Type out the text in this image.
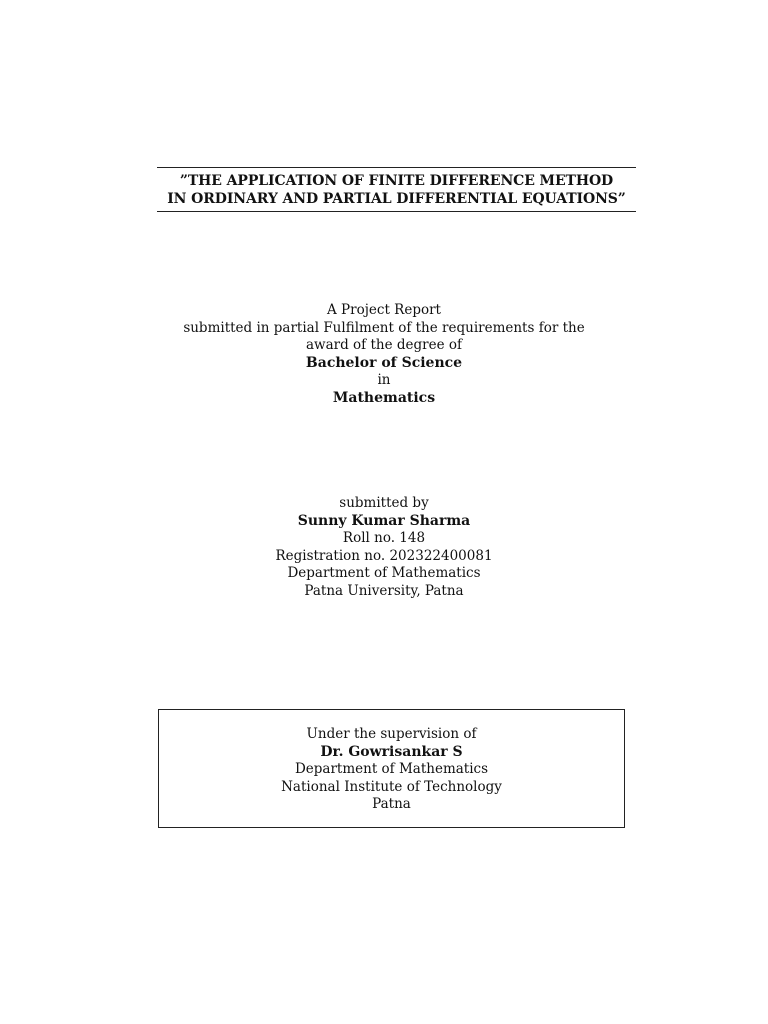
”THE APPLICATION OF FINITE DIFFERENCE METHOD
IN ORDINARY AND PARTIAL DIFFERENTIAL EQUATIONS”
A Project Report
submitted in partial Fulfilment of the requirements for the
award of the degree of
Bachelor of Science
in
Mathematics
submitted by
Sunny Kumar Sharma
Roll no. 148
Registration no. 202322400081
Department of Mathematics
Patna University, Patna
Under the supervision of
Dr. Gowrisankar S
Department of Mathematics
National Institute of Technology
Patna
